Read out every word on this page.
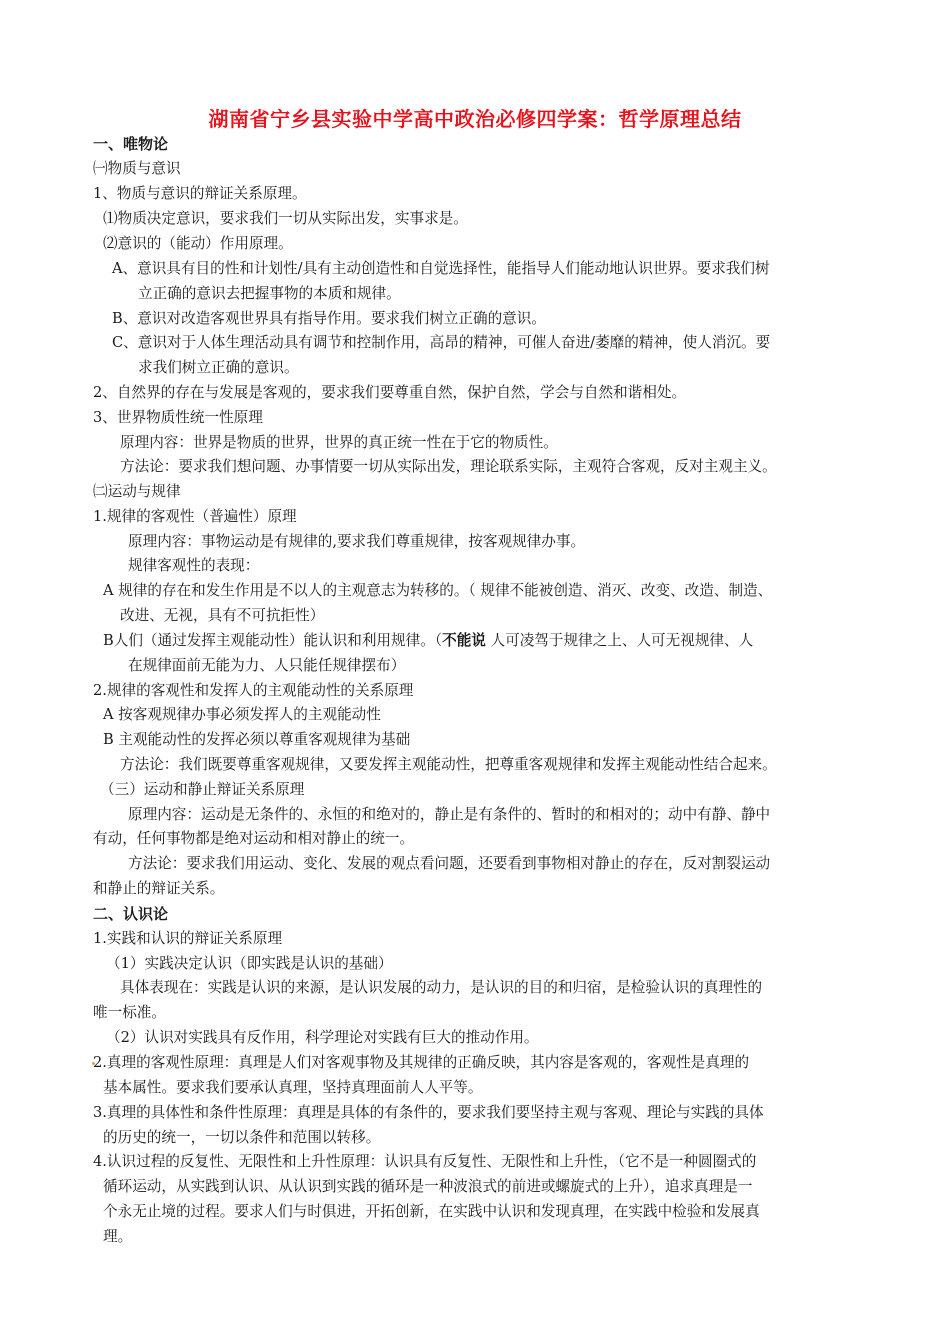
湖南省宁乡县实验中学高中政治必修四学案：哲学原理总结
一、唯物论
㈠物质与意识
1、物质与意识的辩证关系原理。
⑴物质决定意识，要求我们一切从实际出发，实事求是。
⑵意识的（能动）作用原理。
A、意识具有目的性和计划性/具有主动创造性和自觉选择性，能指导人们能动地认识世界。要求我们树
立正确的意识去把握事物的本质和规律。
B、意识对改造客观世界具有指导作用。要求我们树立正确的意识。
C、意识对于人体生理活动具有调节和控制作用，高昂的精神，可催人奋进/萎靡的精神，使人消沉。要
求我们树立正确的意识。
2、自然界的存在与发展是客观的，要求我们要尊重自然，保护自然，学会与自然和谐相处。
3、世界物质性统一性原理
原理内容：世界是物质的世界，世界的真正统一性在于它的物质性。
方法论：要求我们想问题、办事情要一切从实际出发，理论联系实际，主观符合客观，反对主观主义。
㈡运动与规律
1.规律的客观性（普遍性）原理
原理内容：事物运动是有规律的,要求我们尊重规律，按客观规律办事。
规律客观性的表现：
A 规律的存在和发生作用是不以人的主观意志为转移的。（ 规律不能被创造、消灭、改变、改造、制造、
改进、无视，具有不可抗拒性）
B人们（通过发挥主观能动性）能认识和利用规律。（不能说 人可凌驾于规律之上、人可无视规律、人
在规律面前无能为力、人只能任规律摆布）
2.规律的客观性和发挥人的主观能动性的关系原理
A 按客观规律办事必须发挥人的主观能动性
B 主观能动性的发挥必须以尊重客观规律为基础
方法论：我们既要尊重客观规律，又要发挥主观能动性，把尊重客观规律和发挥主观能动性结合起来。
（三）运动和静止辩证关系原理
原理内容：运动是无条件的、永恒的和绝对的，静止是有条件的、暂时的和相对的；动中有静、静中
有动，任何事物都是绝对运动和相对静止的统一。
方法论：要求我们用运动、变化、发展的观点看问题，还要看到事物相对静止的存在，反对割裂运动
和静止的辩证关系。
二、认识论
1.实践和认识的辩证关系原理
（1）实践决定认识（即实践是认识的基础）
具体表现在：实践是认识的来源，是认识发展的动力，是认识的目的和归宿，是检验认识的真理性的
唯一标准。
（2）认识对实践具有反作用，科学理论对实践有巨大的推动作用。
2.真理的客观性原理：真理是人们对客观事物及其规律的正确反映，其内容是客观的，客观性是真理的
基本属性。要求我们要承认真理，坚持真理面前人人平等。
3.真理的具体性和条件性原理：真理是具体的有条件的，要求我们要坚持主观与客观、理论与实践的具体
的历史的统一，一切以条件和范围以转移。
4.认识过程的反复性、无限性和上升性原理：认识具有反复性、无限性和上升性，（它不是一种圆圈式的
循环运动，从实践到认识、从认识到实践的循环是一种波浪式的前进或螺旋式的上升），追求真理是一
个永无止境的过程。要求人们与时俱进，开拓创新，在实践中认识和发现真理，在实践中检验和发展真
理。
